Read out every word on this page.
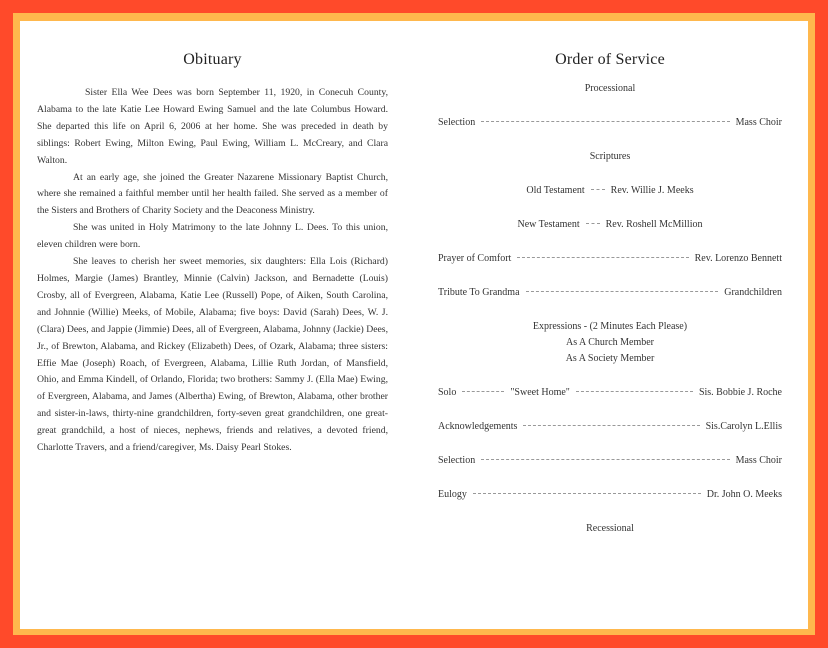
Obituary

Sister Ella Wee Dees was born September 11, 1920, in Conecuh County, Alabama to the late Katie Lee Howard Ewing Samuel and the late Columbus Howard. She departed this life on April 6, 2006 at her home. She was preceded in death by siblings: Robert Ewing, Milton Ewing, Paul Ewing, William L. McCreary, and Clara Walton.

At an early age, she joined the Greater Nazarene Missionary Baptist Church, where she remained a faithful member until her health failed. She served as a member of the Sisters and Brothers of Charity Society and the Deaconess Ministry.

She was united in Holy Matrimony to the late Johnny L. Dees. To this union, eleven children were born.

She leaves to cherish her sweet memories, six daughters: Ella Lois (Richard) Holmes, Margie (James) Brantley, Minnie (Calvin) Jackson, and Bernadette (Louis) Crosby, all of Evergreen, Alabama, Katie Lee (Russell) Pope, of Aiken, South Carolina, and Johnnie (Willie) Meeks, of Mobile, Alabama; five boys: David (Sarah) Dees, W. J. (Clara) Dees, and Jappie (Jimmie) Dees, all of Evergreen, Alabama, Johnny (Jackie) Dees, Jr., of Brewton, Alabama, and Rickey (Elizabeth) Dees, of Ozark, Alabama; three sisters: Effie Mae (Joseph) Roach, of Evergreen, Alabama, Lillie Ruth Jordan, of Mansfield, Ohio, and Emma Kindell, of Orlando, Florida; two brothers: Sammy J. (Ella Mae) Ewing, of Evergreen, Alabama, and James (Albertha) Ewing, of Brewton, Alabama, other brother and sister-in-laws, thirty-nine grandchildren, forty-seven great grandchildren, one great-great grandchild, a host of nieces, nephews, friends and relatives, a devoted friend, Charlotte Travers, and a friend/caregiver, Ms. Daisy Pearl Stokes.

Order of Service
Processional
Selection	Mass Choir
Scriptures
Old Testament	Rev. Willie J. Meeks
New Testament	Rev. Roshell McMillion
Prayer of Comfort	Rev. Lorenzo Bennett
Tribute To Grandma	Grandchildren
Expressions - (2 Minutes Each Please)
As A Church Member
As A Society Member
Solo	"Sweet Home"	Sis. Bobbie J. Roche
Acknowledgements	Sis.Carolyn L.Ellis
Selection	Mass Choir
Eulogy	Dr. John O. Meeks
Recessional
